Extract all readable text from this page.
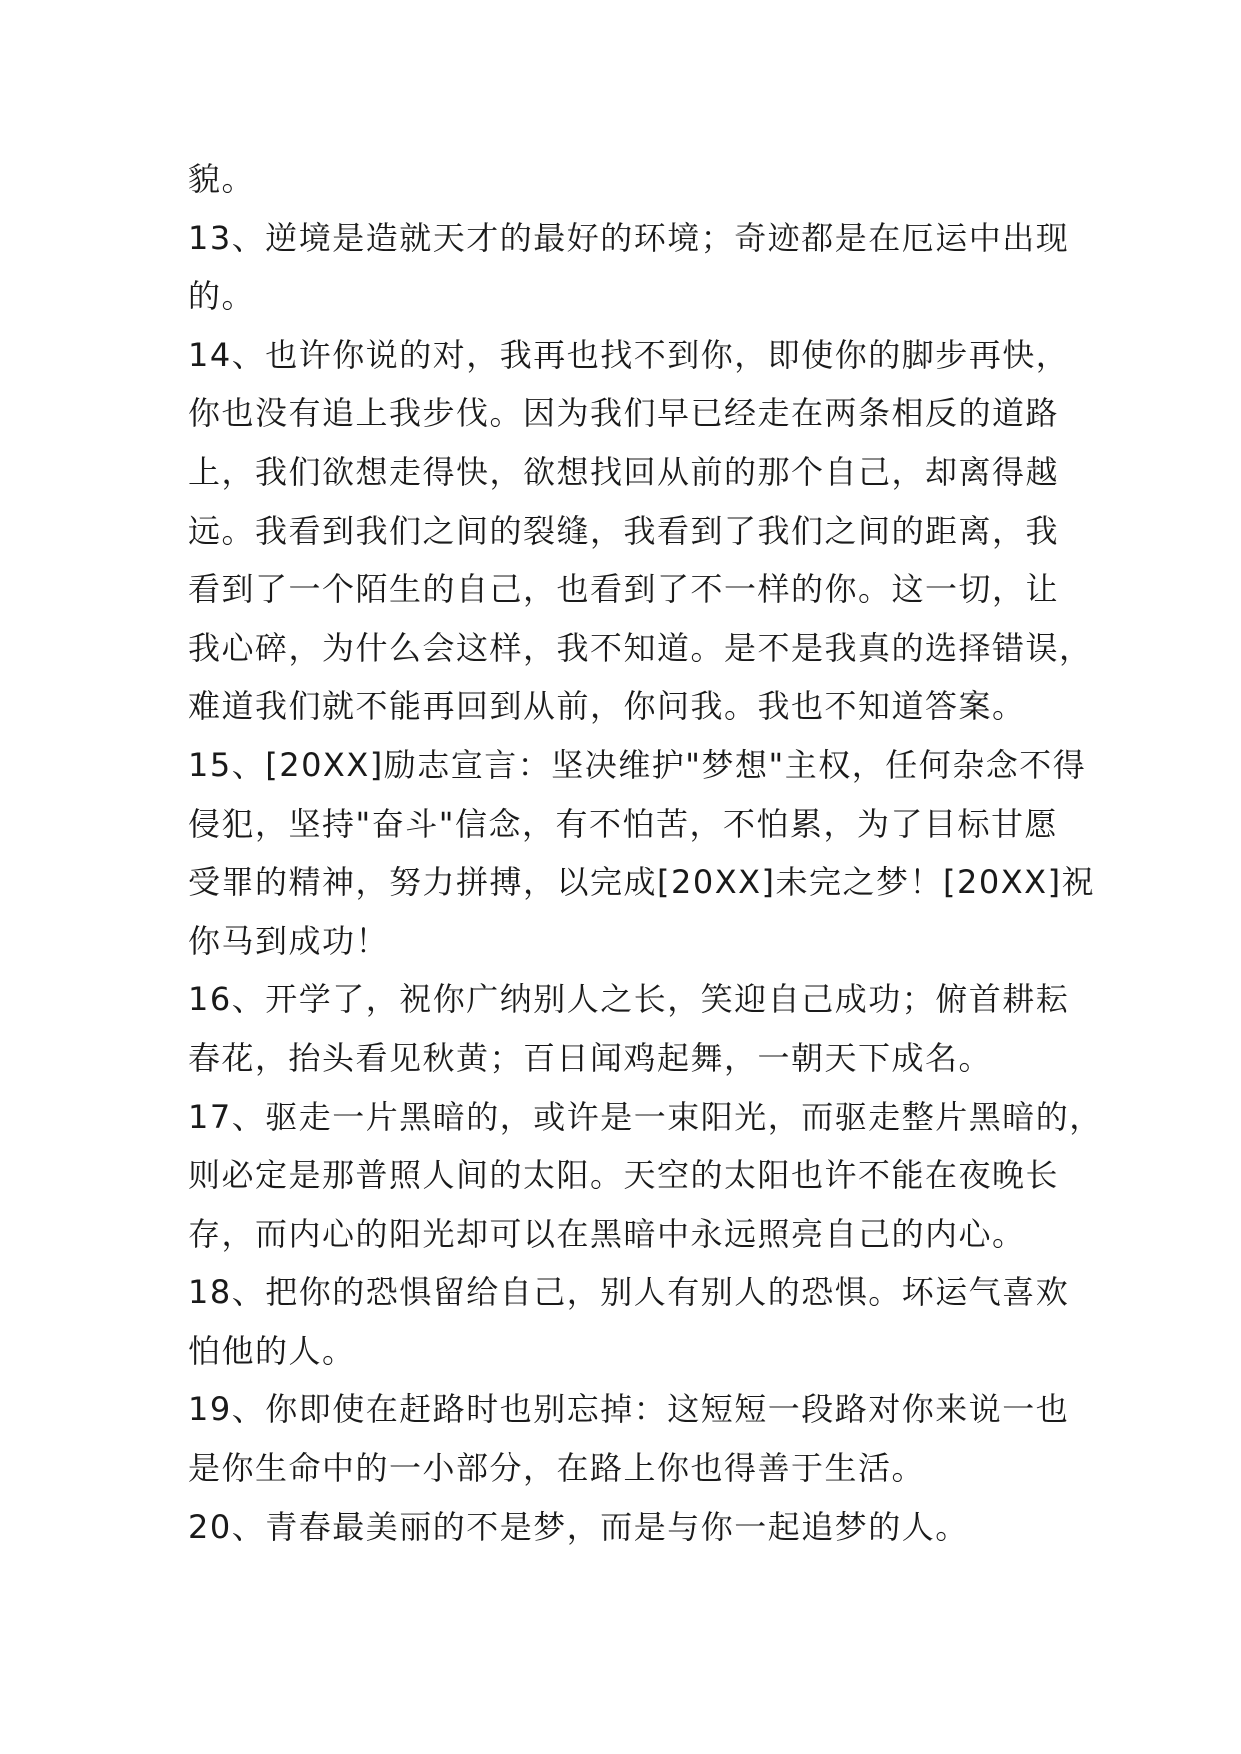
貌。
13、逆境是造就天才的最好的环境；奇迹都是在厄运中出现
的。
14、也许你说的对，我再也找不到你，即使你的脚步再快，
你也没有追上我步伐。因为我们早已经走在两条相反的道路
上，我们欲想走得快，欲想找回从前的那个自己，却离得越
远。我看到我们之间的裂缝，我看到了我们之间的距离，我
看到了一个陌生的自己，也看到了不一样的你。这一切，让
我心碎，为什么会这样，我不知道。是不是我真的选择错误，
难道我们就不能再回到从前，你问我。我也不知道答案。
15、[20XX]励志宣言：坚决维护"梦想"主权，任何杂念不得
侵犯，坚持"奋斗"信念，有不怕苦，不怕累，为了目标甘愿
受罪的精神，努力拼搏，以完成[20XX]未完之梦！[20XX]祝
你马到成功！
16、开学了，祝你广纳别人之长，笑迎自己成功；俯首耕耘
春花，抬头看见秋黄；百日闻鸡起舞，一朝天下成名。
17、驱走一片黑暗的，或许是一束阳光，而驱走整片黑暗的，
则必定是那普照人间的太阳。天空的太阳也许不能在夜晚长
存，而内心的阳光却可以在黑暗中永远照亮自己的内心。
18、把你的恐惧留给自己，别人有别人的恐惧。坏运气喜欢
怕他的人。
19、你即使在赶路时也别忘掉：这短短一段路对你来说一也
是你生命中的一小部分，在路上你也得善于生活。
20、青春最美丽的不是梦，而是与你一起追梦的人。
